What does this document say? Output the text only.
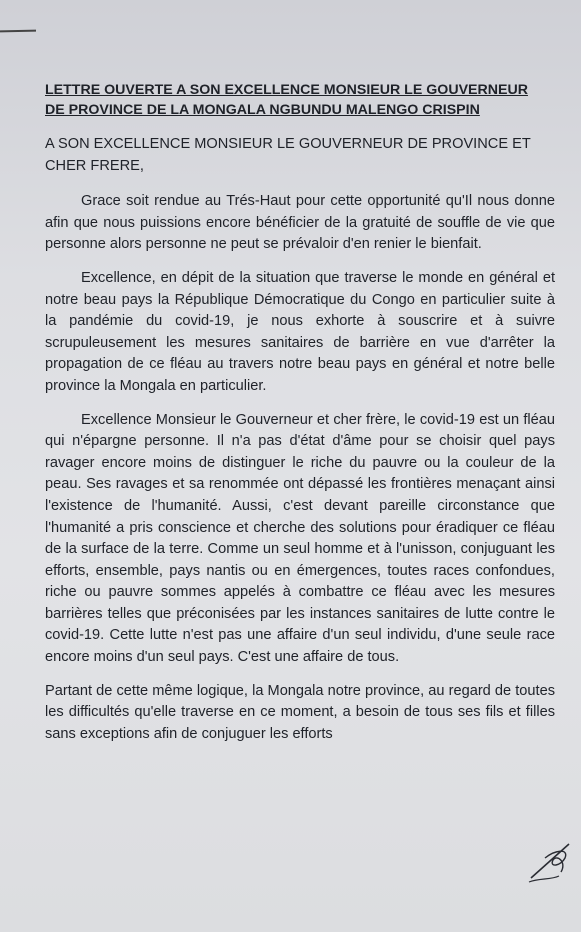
LETTRE OUVERTE A SON EXCELLENCE MONSIEUR LE GOUVERNEUR
DE PROVINCE DE LA MONGALA NGBUNDU MALENGO CRISPIN

A SON EXCELLENCE MONSIEUR LE GOUVERNEUR DE PROVINCE ET CHER FRERE,

Grace soit rendue au Trés-Haut pour cette opportunité qu'Il nous donne afin que nous puissions encore bénéficier de la gratuité de souffle de vie que personne alors personne ne peut se prévaloir d'en renier le bienfait.

Excellence, en dépit de la situation que traverse le monde en général et notre beau pays la République Démocratique du Congo en particulier suite à la pandémie du covid-19, je nous exhorte à souscrire et à suivre scrupuleusement les mesures sanitaires de barrière en vue d'arrêter la propagation de ce fléau au travers notre beau pays en général et notre belle province la Mongala en particulier.

Excellence Monsieur le Gouverneur et cher frère, le covid-19 est un fléau qui n'épargne personne. Il n'a pas d'état d'âme pour se choisir quel pays ravager encore moins de distinguer le riche du pauvre ou la couleur de la peau. Ses ravages et sa renommée ont dépassé les frontières menaçant ainsi l'existence de l'humanité. Aussi, c'est devant pareille circonstance que l'humanité a pris conscience et cherche des solutions pour éradiquer ce fléau de la surface de la terre. Comme un seul homme et à l'unisson, conjuguant les efforts, ensemble, pays nantis ou en émergences, toutes races confondues, riche ou pauvre sommes appelés à combattre ce fléau avec les mesures barrières telles que préconisées par les instances sanitaires de lutte contre le covid-19. Cette lutte n'est pas une affaire d'un seul individu, d'une seule race encore moins d'un seul pays. C'est une affaire de tous.

Partant de cette même logique, la Mongala notre province, au regard de toutes les difficultés qu'elle traverse en ce moment, a besoin de tous ses fils et filles sans exceptions afin de conjuguer les efforts
